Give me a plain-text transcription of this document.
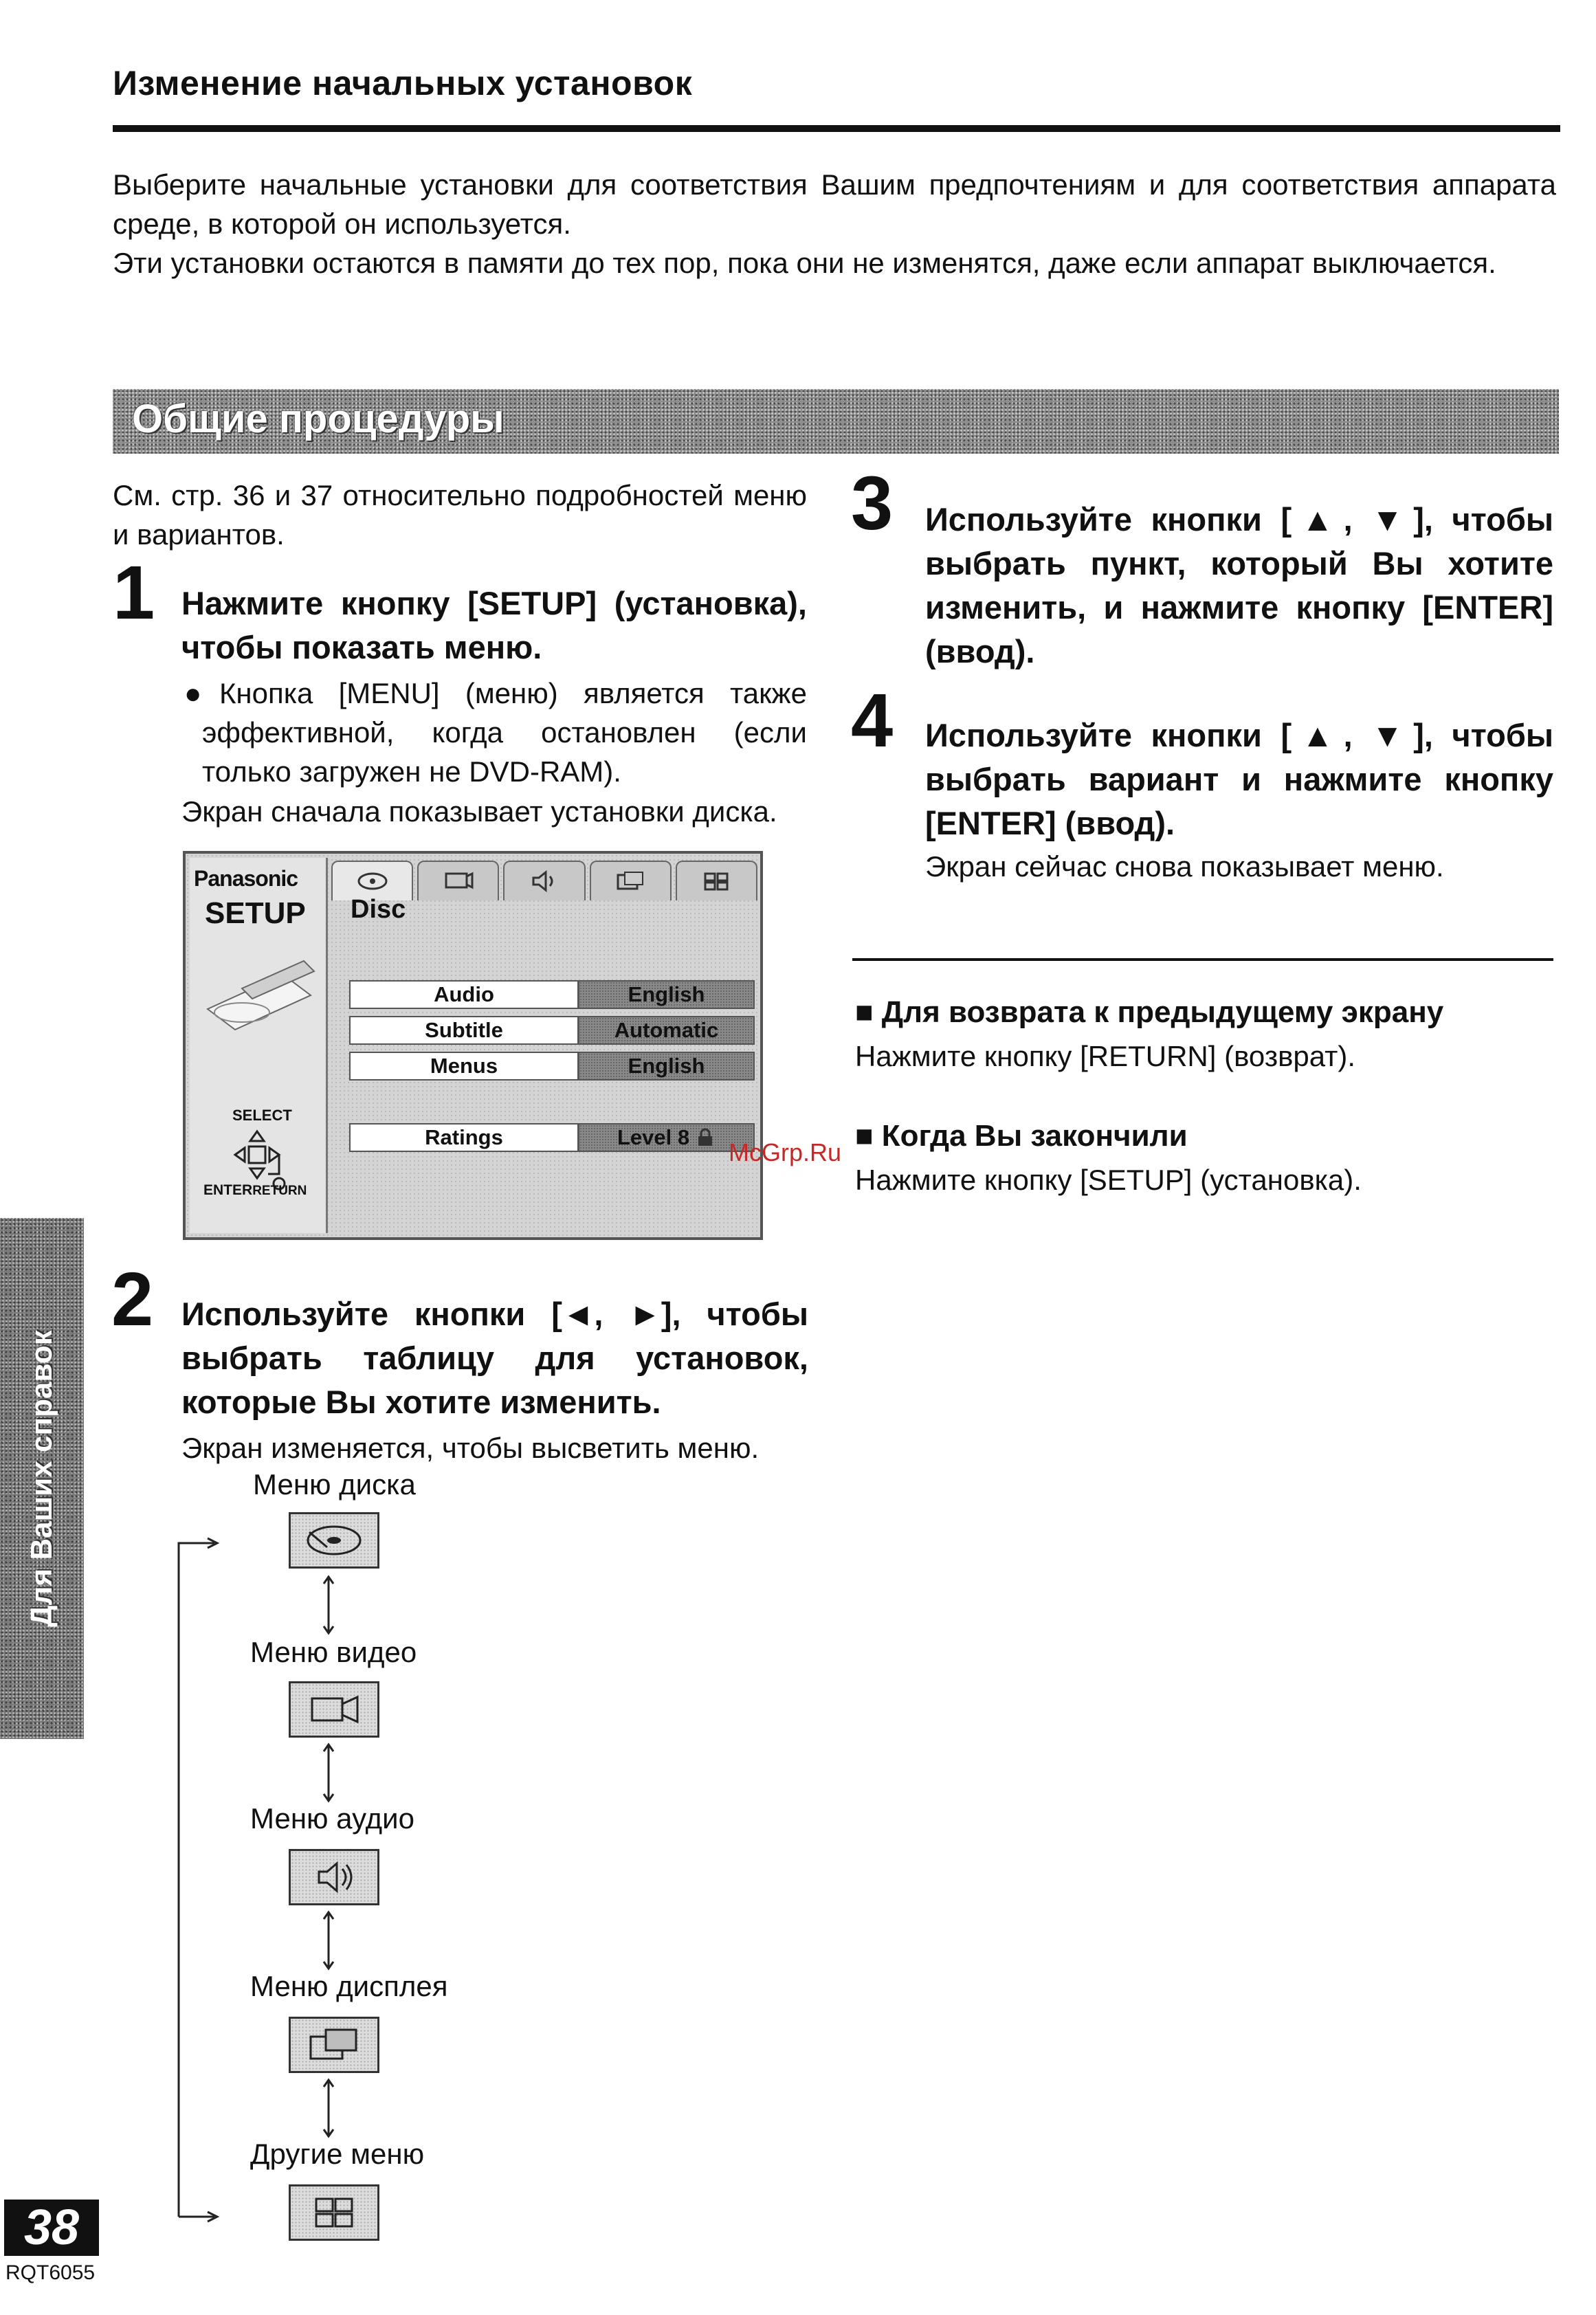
Изменение начальных установок

Выберите начальные установки для соответствия Вашим предпочтениям и для соответствия аппарата среде, в которой он используется.

Эти установки остаются в памяти до тех пор, пока они не изменятся, даже если аппарат выключается.

Общие процедуры
См. стр. 36 и 37 относительно подробностей меню и вариантов.
1 Нажмите кнопку [SETUP] (установка), чтобы показать меню.
●Кнопка [MENU] (меню) является также эффективной, когда остановлен (если только загружен не DVD-RAM).
Экран сначала показывает установки диска.
Panasonic
SETUP
SELECT
ENTERRETURN
Disc
Audio	English
Subtitle	Automatic
Menus	English
Ratings	Level 8
2 Используйте кнопки [◄, ►], чтобы выбрать таблицу для установок, которые Вы хотите изменить.
Экран изменяется, чтобы высветить меню.
Меню диска
Меню видео
Меню аудио
Меню дисплея
Другие меню
3 Используйте кнопки [▲, ▼], чтобы выбрать пункт, который Вы хотите изменить, и нажмите кнопку [ENTER] (ввод).
4 Используйте кнопки [▲, ▼], чтобы выбрать вариант и нажмите кнопку [ENTER] (ввод).
Экран сейчас снова показывает меню.
■ Для возврата к предыдущему экрану
Нажмите кнопку [RETURN] (возврат).
■ Когда Вы закончили
Нажмите кнопку [SETUP] (установка).
McGrp.Ru
Для Ваших справок
38
RQT6055
